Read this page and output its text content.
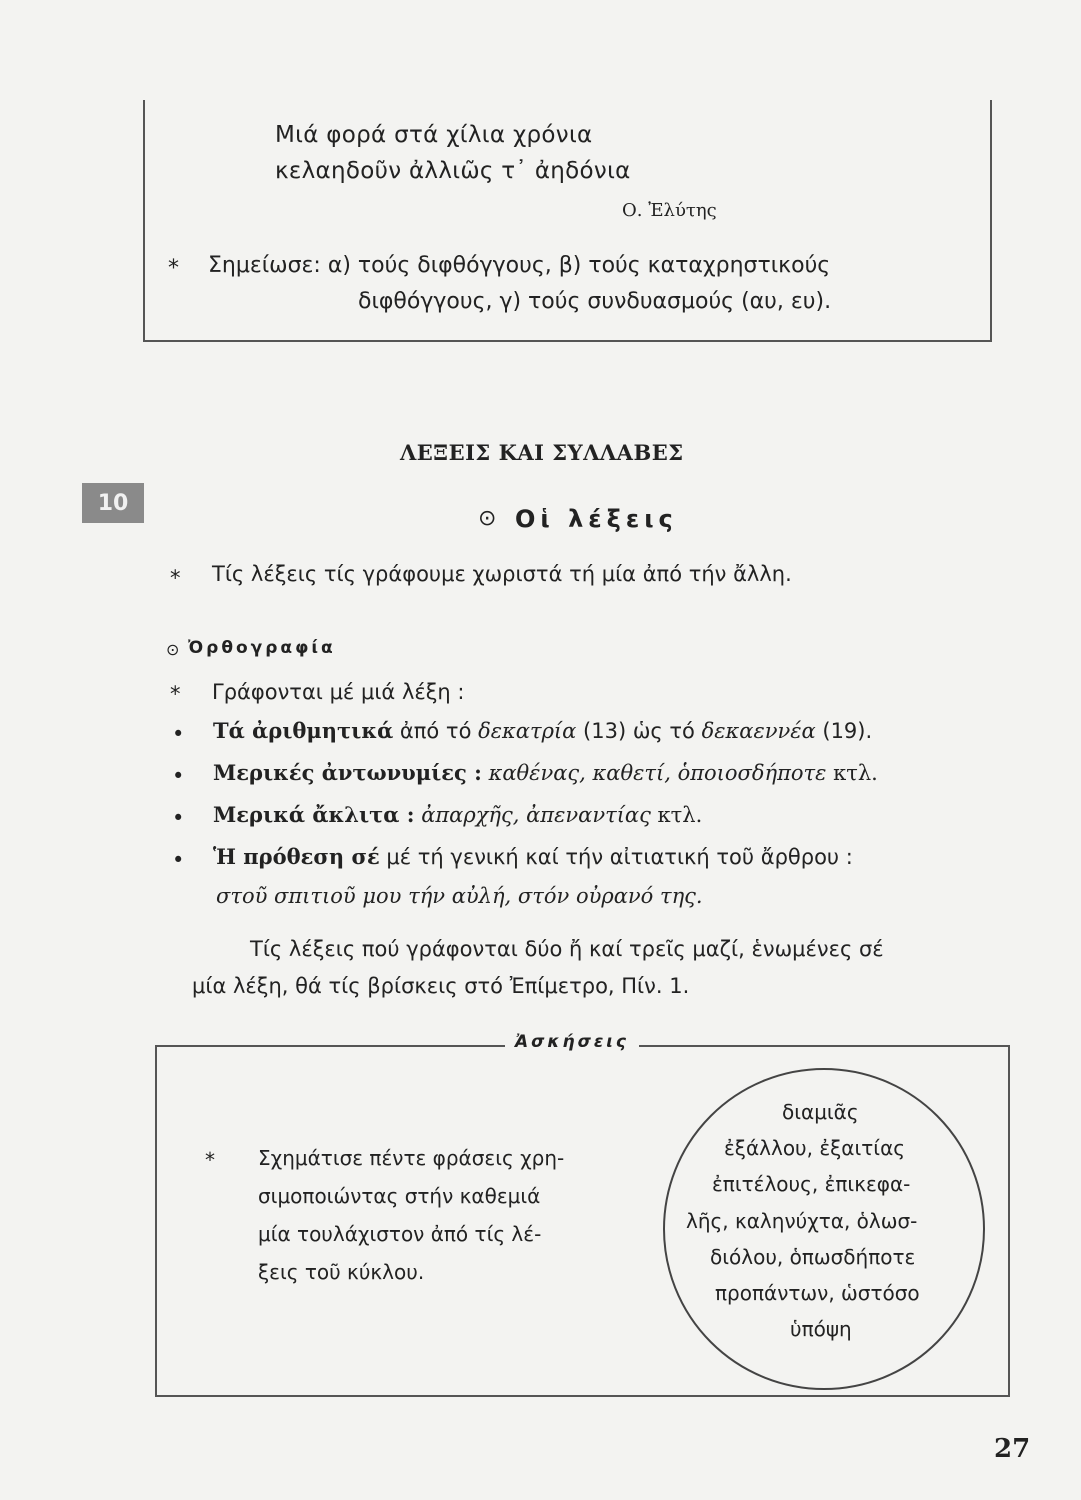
Μιά φορά στά χίλια χρόνια
κελαηδοῦν ἀλλιῶς τ᾽ ἀηδόνια
Ο. Ἐλύτης
* Σημείωσε: α) τούς διφθόγγους, β) τούς καταχρηστικούς
διφθόγγους, γ) τούς συνδυασμούς (αυ, ευ).
ΛΕΞΕΙΣ ΚΑΙ ΣΥΛΛΑΒΕΣ
10
⊙ Οἱ λέξεις
* Τίς λέξεις τίς γράφουμε χωριστά τή μία ἀπό τήν ἄλλη.
⊙ Ὀρθογραφία
* Γράφονται μέ μιά λέξη :
• Τά ἀριθμητικά ἀπό τό δεκατρία (13) ὡς τό δεκαεννέα (19).
• Μερικές ἀντωνυμίες : καθένας, καθετί, ὁποιοσδήποτε κτλ.
• Μερικά ἄκλιτα : ἀπαρχῆς, ἀπεναντίας κτλ.
• Ἡ πρόθεση σέ μέ τή γενική καί τήν αἰτιατική τοῦ ἄρθρου :
στοῦ σπιτιοῦ μου τήν αὐλή, στόν οὐρανό της.
Τίς λέξεις πού γράφονται δύο ἤ καί τρεῖς μαζί, ἑνωμένες σέ
μία λέξη, θά τίς βρίσκεις στό Ἐπίμετρο, Πίν. 1.
Ἀσκήσεις
* Σχημάτισε πέντε φράσεις χρη-
σιμοποιώντας στήν καθεμιά
μία τουλάχιστον ἀπό τίς λέ-
ξεις τοῦ κύκλου.
διαμιᾶς
ἐξάλλου, ἐξαιτίας
ἐπιτέλους, ἐπικεφα-
λῆς, καληνύχτα, ὁλωσ-
διόλου, ὁπωσδήποτε
προπάντων, ὡστόσο
ὑπόψη
27
